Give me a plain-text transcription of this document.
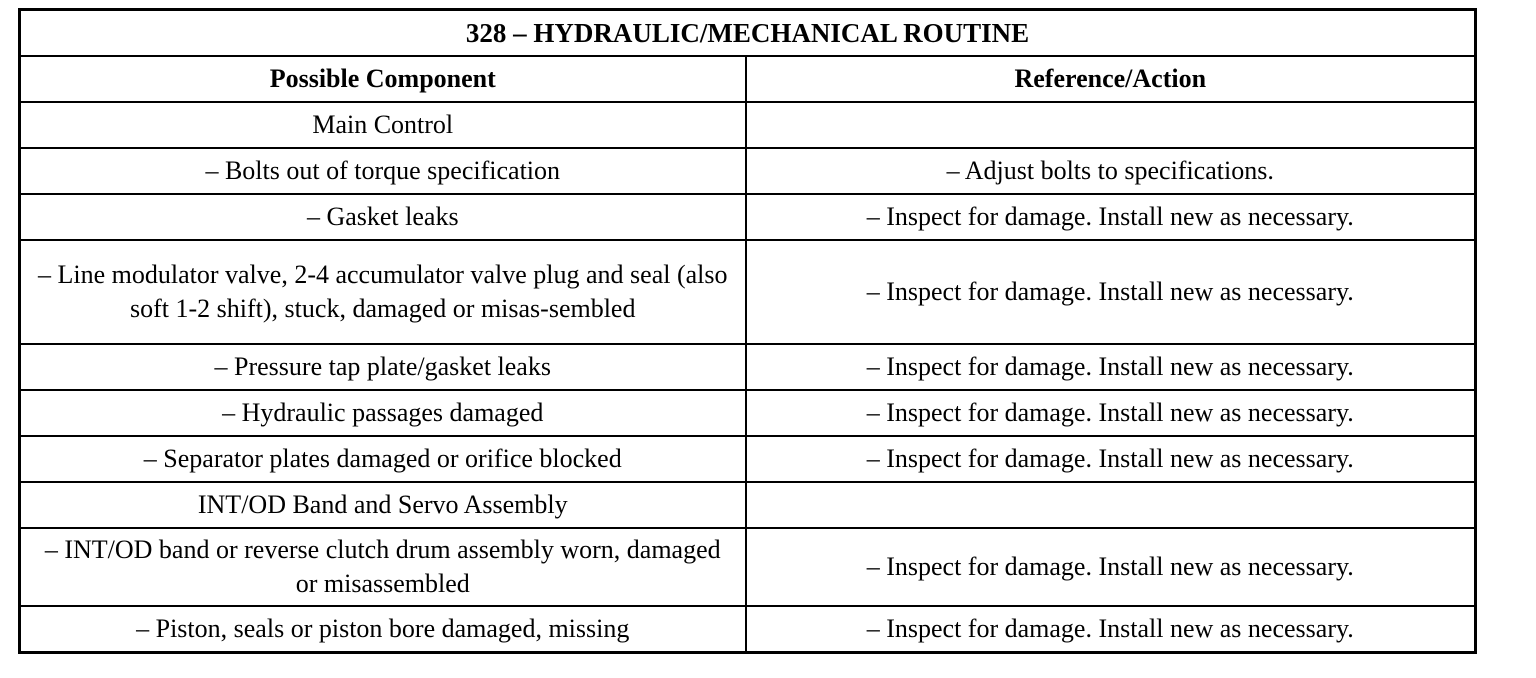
328 – HYDRAULIC/MECHANICAL ROUTINE	
Possible Component	Reference/Action
Main Control	
– Bolts out of torque specification	– Adjust bolts to specifications.
– Gasket leaks	– Inspect for damage. Install new as necessary.
– Line modulator valve, 2-4 accumulator valve plug and seal (also soft 1-2 shift), stuck, damaged or misas-sembled	– Inspect for damage. Install new as necessary.
– Pressure tap plate/gasket leaks	– Inspect for damage. Install new as necessary.
– Hydraulic passages damaged	– Inspect for damage. Install new as necessary.
– Separator plates damaged or orifice blocked	– Inspect for damage. Install new as necessary.
INT/OD Band and Servo Assembly	
– INT/OD band or reverse clutch drum assembly worn, damaged or misassembled	– Inspect for damage. Install new as necessary.
– Piston, seals or piston bore damaged, missing	– Inspect for damage. Install new as necessary.
